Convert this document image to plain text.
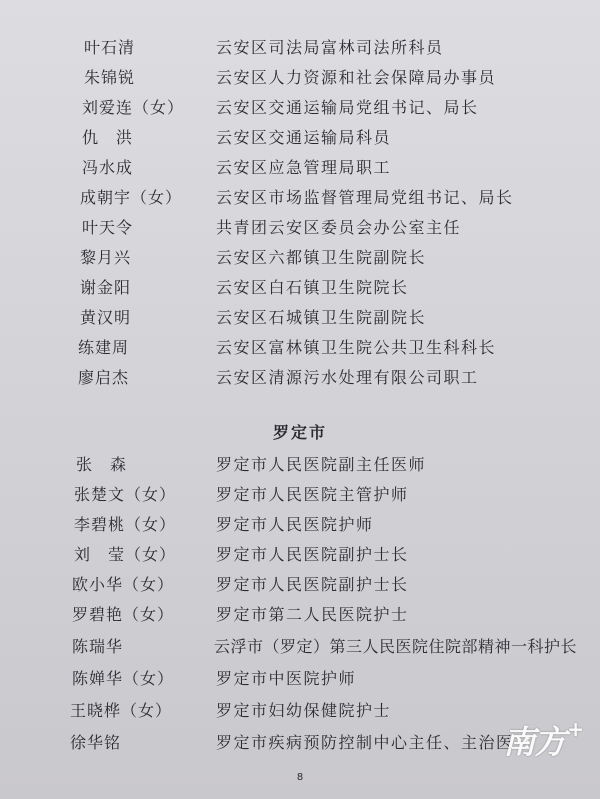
叶石清	云安区司法局富林司法所科员
朱锦锐	云安区人力资源和社会保障局办事员
刘爱连（女） 云安区交通运输局党组书记、局长
仇　洪	云安区交通运输局科员
冯水成	云安区应急管理局职工
成朝宇（女） 云安区市场监督管理局党组书记、局长
叶天令	共青团云安区委员会办公室主任
黎月兴	云安区六都镇卫生院副院长
谢金阳	云安区白石镇卫生院院长
黄汉明	云安区石城镇卫生院副院长
练建周	云安区富林镇卫生院公共卫生科科长
廖启杰	云安区清源污水处理有限公司职工
罗定市
张　森	罗定市人民医院副主任医师
张楚文（女） 罗定市人民医院主管护师
李碧桃（女） 罗定市人民医院护师
刘　莹（女） 罗定市人民医院副护士长
欧小华（女）	罗定市人民医院副护士长
罗碧艳（女）	罗定市第二人民医院护士
陈瑞华	云浮市（罗定）第三人民医院住院部精神一科护长
陈婵华（女）	罗定市中医院护师
王晓桦（女）	罗定市妇幼保健院护士
徐华铭	罗定市疾病预防控制中心主任、主治医
8
南方 +
